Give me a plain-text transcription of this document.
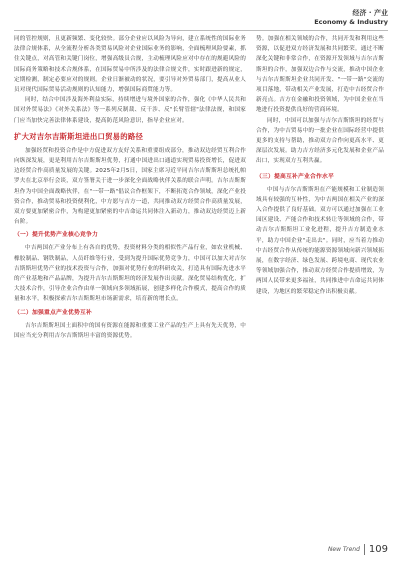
经济 · 产业
Economy & Industry

同的管控规则，且更新频繁、变化较快。部分企业应以风险为导向，建立系统性的国际业务法律合规体系，从全流程分析各类贸易风险对企业国际业务的影响，全面梳理风险要素，抓住关键点，对高管和关键门岗位，增强高级员合规，主动梳理风险应对中存在的规避风险的国际商务策略和技术合规体系，在国际贸易中所涉及的法律合规文件，实时跟进新的规定，定期检测，制定必要应对的规则。企业日渐被动的状况，要引导对外贸易部门，提高从业人员对现代国际贸易活动规则的认知能力，增强国际商贸能力等。

同时，结合中国涉及海外利益实际，持续增进与境外国家的合作，强化《中华人民共和国对外贸易法》《对外关系法》等一系列反制裁、反干涉、反"长臂管辖"法律法规，和国家门应当加快完善法律体系建设，提高防范风险意识，指导企业应对。

扩大对吉尔吉斯斯坦进出口贸易的路径

加强经贸和投资合作是中方促进双方友好关系和重要组成部分，推动双边经贸互利合作向纵深发展，更是利用吉尔吉斯斯坦优势，打通中国进出口通道实现贸易投资增长，促进双边经贸合作高质量发展的关键。2025年2月5日，国家主席习近平同吉尔吉斯斯坦总统扎帕罗夫在北京举行会谈，双方签署关于进一步深化全面战略伙伴关系的联合声明。吉尔吉斯斯坦作为中国全面战略伙伴，在"一带一路"倡议合作框架下，不断拓宽合作领域，深化产业投资合作，推动贸易和投资便利化，中方愿与吉方一道，共同推动双方经贸合作高质量发展，双方要更加紧密合作，为构建更加紧密的中吉命运共同体注入新动力，推动双边经贸迈上新台阶。

（一）提升优势产业核心竞争力

中吉两国在产业分布上有各自的优势，投资材料分类的相似性产品行业，如农业机械、橡胶制品、钢铁制品，人员纤维等行业，受到为提升国际优势竞争力，中国可以加大对吉尔吉斯斯坦优势产业的技术投资与合作，加强对优势行业的科研攻关，打造具有国际先进水平的产业基地和产品品牌，为提升吉尔吉斯斯坦的经济发展作出贡献。深化贸易结构优化，扩大技术合作，引导企业合作由单一领域向多领域拓展，创建多样化合作模式，提高合作的质量和水平，积极探索吉尔吉斯斯坦市场新需求，培育新的增长点。

（二）加强重点产业优势互补

吉尔吉斯斯坦国土面积中的国有资源在能源和重要工业产品的生产上具有先天优势，中国应当充分利用吉尔吉斯斯坦丰富的资源优势。

势。加强在相关领域的合作，共同开发和利用这些资源，以促进双方经济发展和共同繁荣。通过不断深化关键和非常合作，在资源开发领域与吉尔吉斯斯坦的合作，加强双边合作与交流，推动中国企业与吉尔吉斯斯坦企业共同开发、"一带一路"交流的项目落地，带动相关产业发展，打造中吉经贸合作新亮点。吉方在金融和投资领域，为中国企业在当地进行投资提供良好的营商环境。

同时，中国可以加强与吉尔吉斯斯坦的经贸与合作，为中吉贸易中的一批企业在国际经营中提供更多的支持与帮助，推动双方合作向更高水平、更深层次发展。助力吉方经济多元化发展和企业产品出口，实现双方互利共赢。

（三）提高互补产业合作水平

中国与吉尔吉斯斯坦在产能规模和工业制造领域具有较强的互补性，为中吉两国在相关产业的深入合作提供了良好基础。双方可以通过加强在工业园区建设、产能合作和技术转让等领域的合作，带动吉尔吉斯斯坦工业化进程，提升吉方制造业水平，助力中国企业"走出去"。同时，应当着力推动中吉经贸合作从传统的能源资源领域向新兴领域拓展，在数字经济、绿色发展、跨境电商、现代农业等领域加强合作，推动双方经贸合作提质增效，为两国人民带来更多福祉，共同推进中吉命运共同体建设，为地区的繁荣稳定作出积极贡献。

New Trend 109
